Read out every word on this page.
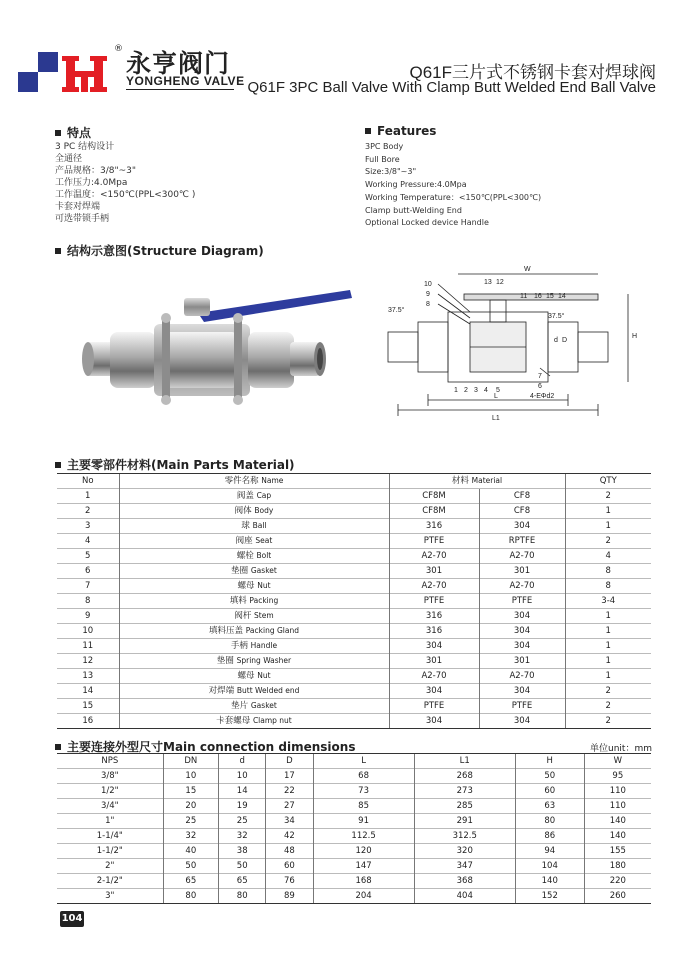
® 永亨阀门
YONGHENG VALVE	Q61F三片式不锈钢卡套对焊球阀
Q61F 3PC Ball Valve With Clamp Butt Welded End Ball Valve
特点
3 PC 结构设计
全通径
产品规格：3/8"~3"
工作压力:4.0Mpa
工作温度：<150℃(PPL<300℃ )
卡套对焊端
可选带锁手柄
Features
3PC Body
Full Bore
Size:3/8"~3"
Working Pressure:4.0Mpa
Working Temperature：<150℃(PPL<300℃)
Clamp butt-Welding End
Optional Locked device Handle
结构示意图(Structure Diagram)
W
H
L
L1
d D
37.5°
37.5°
4-EΦd2
10
9
8
13 12
11 16 15 14
1 2 3 4 5
6
7
主要零部件材料(Main Parts Material)
No	零件名称 Name	材料 Material		QTY
1	阀盖 Cap	CF8M	CF8	2
2	阀体 Body	CF8M	CF8	1
3	球 Ball	316	304	1
4	阀座 Seat	PTFE	RPTFE	2
5	螺栓 Bolt	A2-70	A2-70	4
6	垫圈 Gasket	301	301	8
7	螺母 Nut	A2-70	A2-70	8
8	填料 Packing	PTFE	PTFE	3-4
9	阀杆 Stem	316	304	1
10	填料压盖 Packing Gland	316	304	1
11	手柄 Handle	304	304	1
12	垫圈 Spring Washer	301	301	1
13	螺母 Nut	A2-70	A2-70	1
14	对焊端 Butt Welded end	304	304	2
15	垫片 Gasket	PTFE	PTFE	2
16	卡套螺母 Clamp nut	304	304	2
主要连接外型尺寸Main connection dimensions	单位unit：mm
NPS	DN	d	D	L	L1	H	W
3/8"	10	10	17	68	268	50	95
1/2"	15	14	22	73	273	60	110
3/4"	20	19	27	85	285	63	110
1"	25	25	34	91	291	80	140
1-1/4"	32	32	42	112.5	312.5	86	140
1-1/2"	40	38	48	120	320	94	155
2"	50	50	60	147	347	104	180
2-1/2"	65	65	76	168	368	140	220
3"	80	80	89	204	404	152	260
104
